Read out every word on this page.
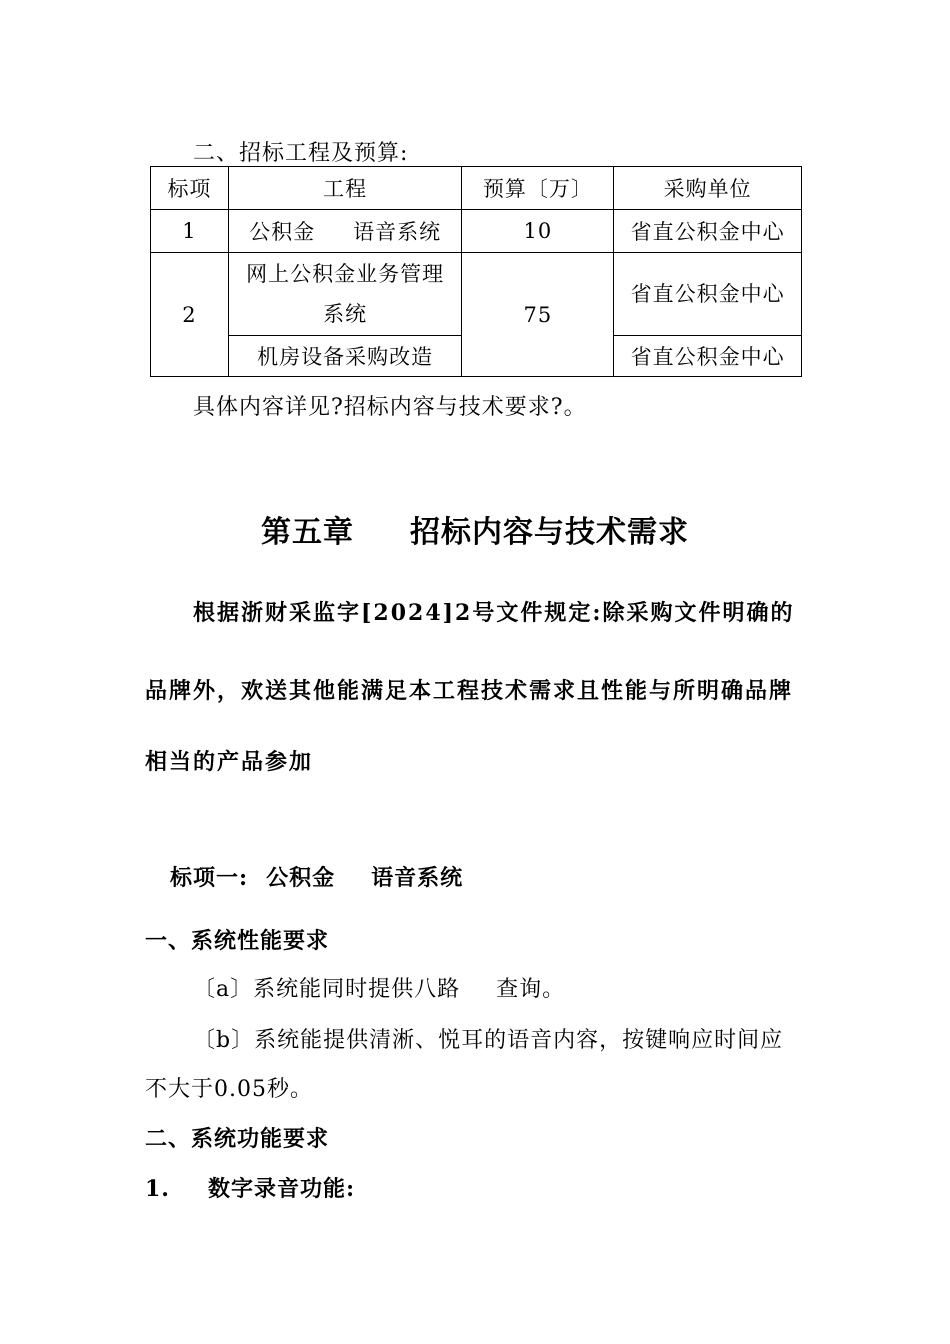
二、招标工程及预算:
标项	工程	预算〔万〕	采购单位
1	公积金 语音系统	10	省直公积金中心
2	网上公积金业务管理系统	75	省直公积金中心
	机房设备采购改造		省直公积金中心
具体内容详见?招标内容与技术要求?。
第五章 招标内容与技术需求
根据浙财采监字[2024]2号文件规定:除采购文件明确的
品牌外，欢送其他能满足本工程技术需求且性能与所明确品牌
相当的产品参加
标项一: 公积金 语音系统
一、系统性能要求
〔a〕系统能同时提供八路 查询。
〔b〕系统能提供清淅、悦耳的语音内容，按键响应时间应
不大于0.05秒。
二、系统功能要求
1. 数字录音功能:
